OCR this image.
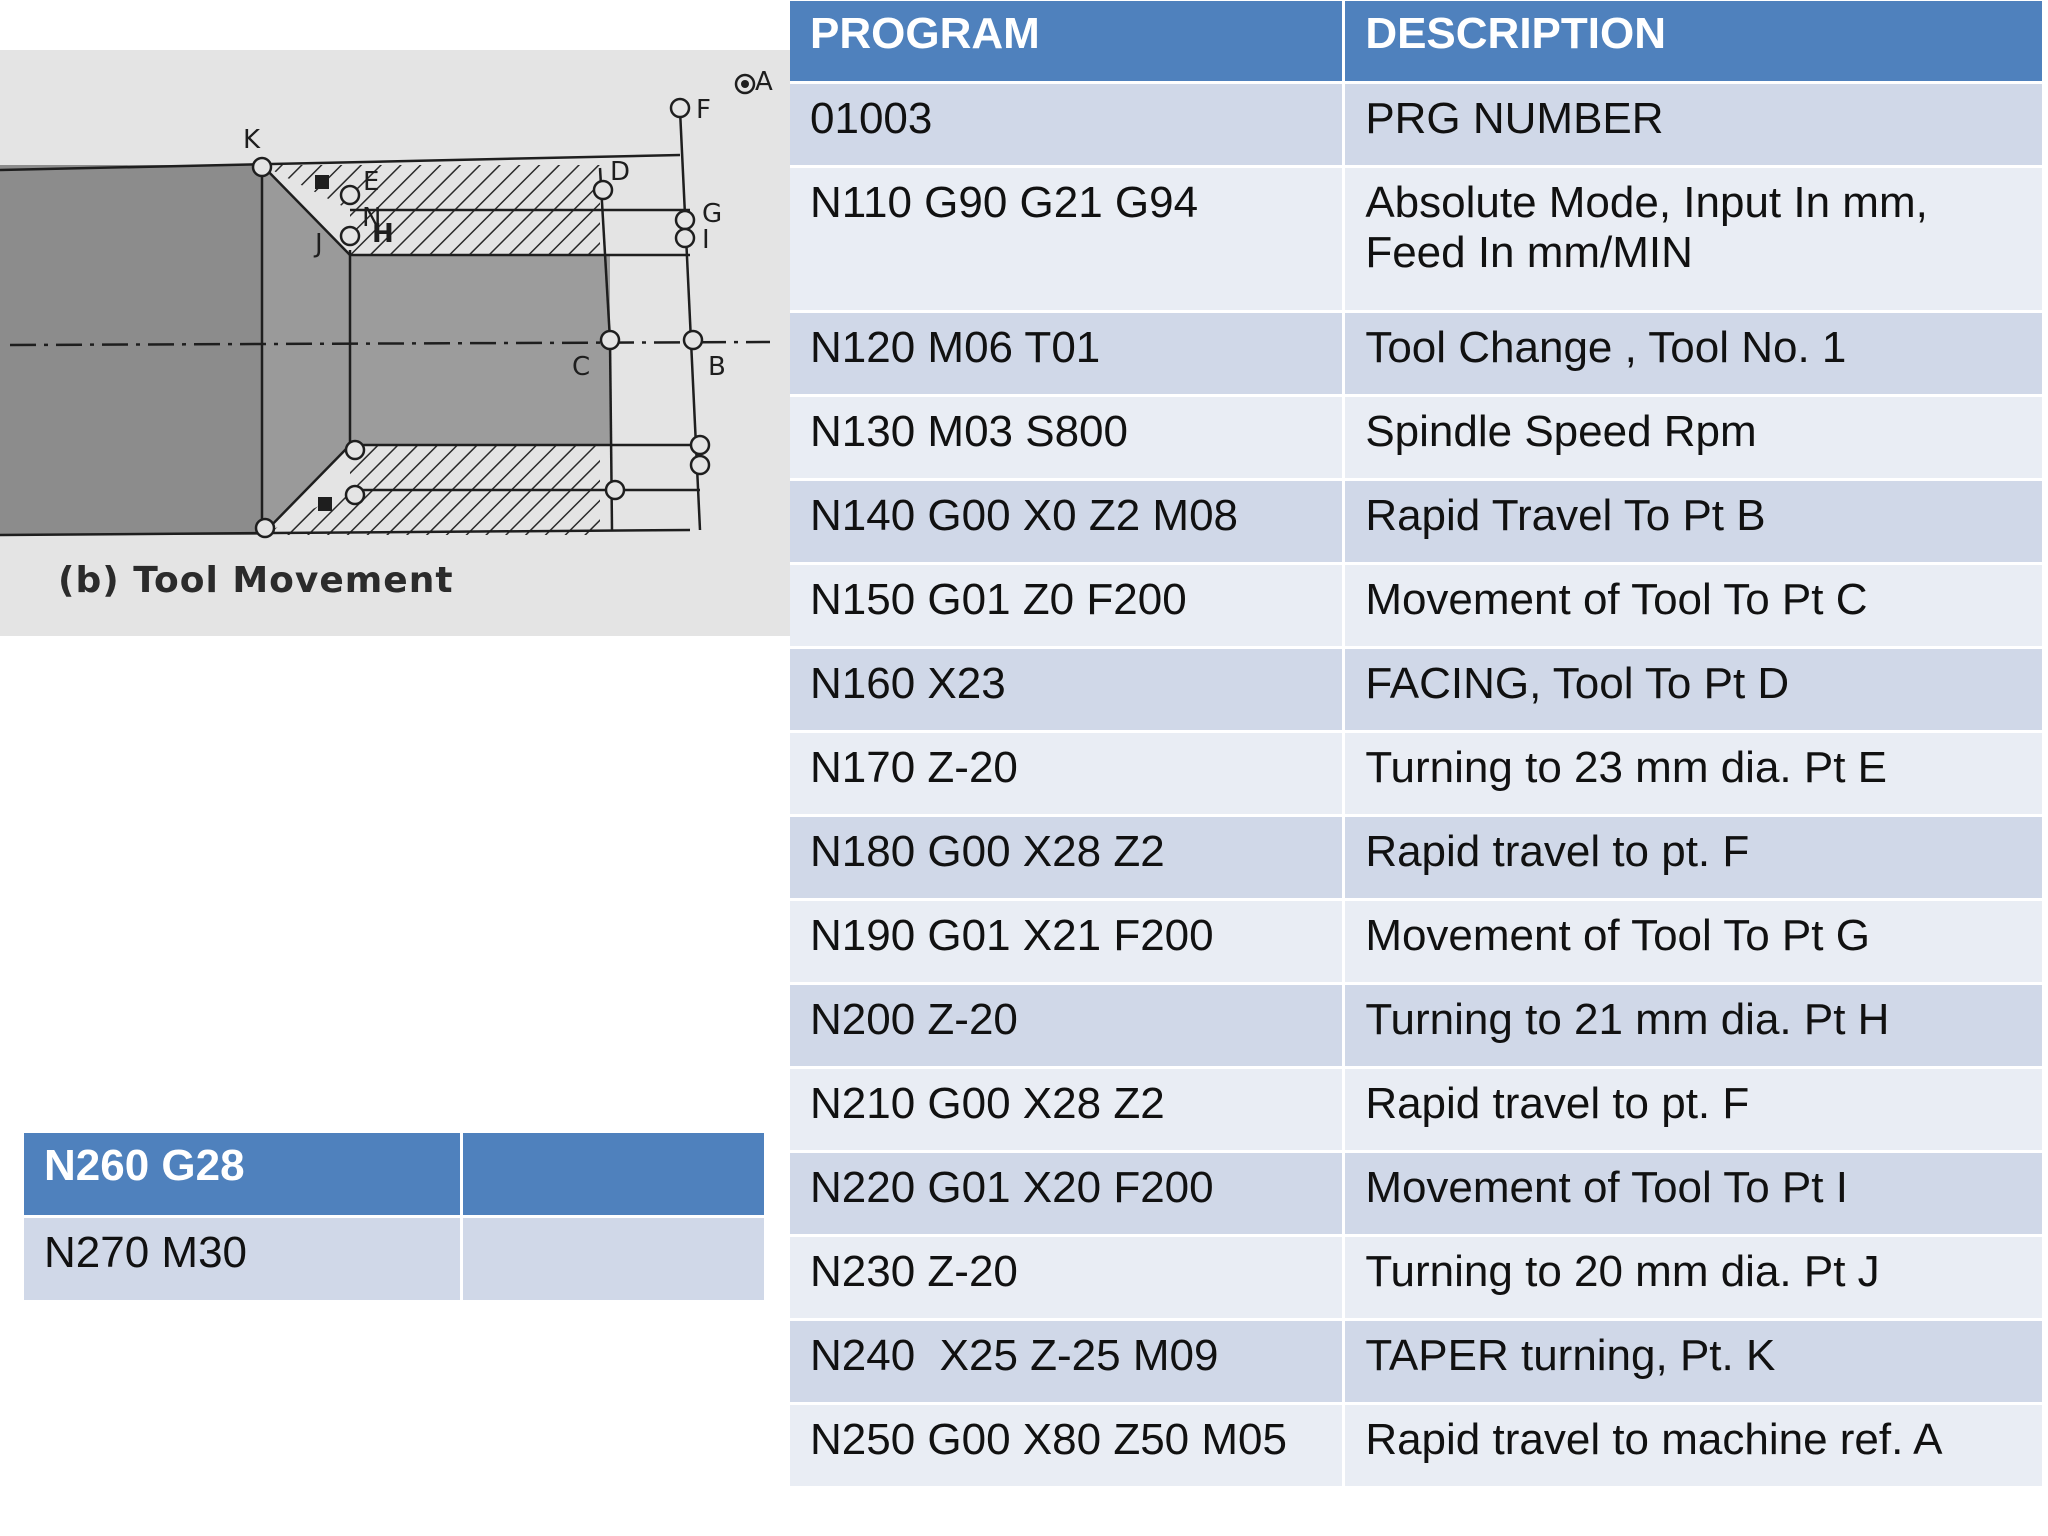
A
B
C
D
E
F
G
H	I
J
K
N
(b) Tool Movement
PROGRAM	DESCRIPTION
01003	PRG NUMBER
N110 G90 G21 G94	Absolute Mode, Input In mm, Feed In mm/MIN
N120 M06 T01	Tool Change , Tool No. 1
N130 M03 S800	Spindle Speed Rpm
N140 G00 X0 Z2 M08	Rapid Travel To Pt B
N150 G01 Z0 F200	Movement of Tool To Pt C
N160 X23	FACING, Tool To Pt D
N170 Z-20	Turning to 23 mm dia. Pt E
N180 G00 X28 Z2	Rapid travel to pt. F
N190 G01 X21 F200	Movement of Tool To Pt G
N200 Z-20	Turning to 21 mm dia. Pt H
N210 G00 X28 Z2	Rapid travel to pt. F
N220 G01 X20 F200	Movement of Tool To Pt I
N230 Z-20	Turning to 20 mm dia. Pt J
N240  X25 Z-25 M09	TAPER turning, Pt. K
N250 G00 X80 Z50 M05	Rapid travel to machine ref. A
N260 G28	
N270 M30	
